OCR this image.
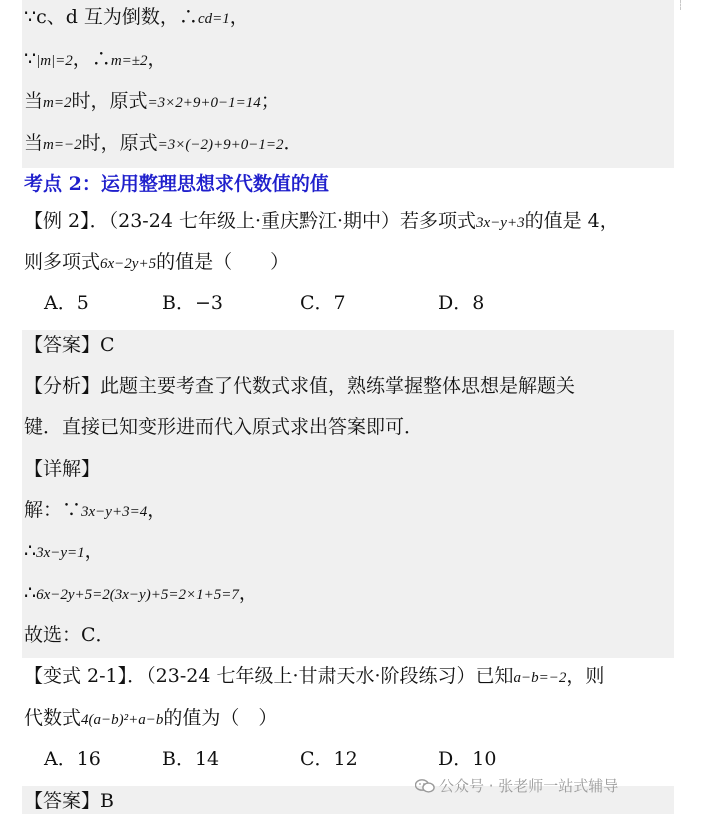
∵c、d 互为倒数，∴cd=1，
∵|m|=2，∴m=±2，
当m=2时，原式=3×2+9+0−1=14；
当m=−2时，原式=3×(−2)+9+0−1=2．
考点 2：运用整理思想求代数值的值
【例 2】．（23-24 七年级上·重庆黔江·期中）若多项式3x−y+3的值是 4，
则多项式6x−2y+5的值是（　　）
A．5	B．−3	C．7	D．8
【答案】C
【分析】此题主要考查了代数式求值，熟练掌握整体思想是解题关
键．直接已知变形进而代入原式求出答案即可．
【详解】
解：∵3x−y+3=4，
∴3x−y=1，
∴6x−2y+5=2(3x−y)+5=2×1+5=7，
故选：C．
【变式 2-1】．（23-24 七年级上·甘肃天水·阶段练习）已知a−b=−2，则
代数式4(a−b)²+a−b的值为（　）
A．16	B．14	C．12	D．10
【答案】B
公众号 · 张老师一站式辅导
